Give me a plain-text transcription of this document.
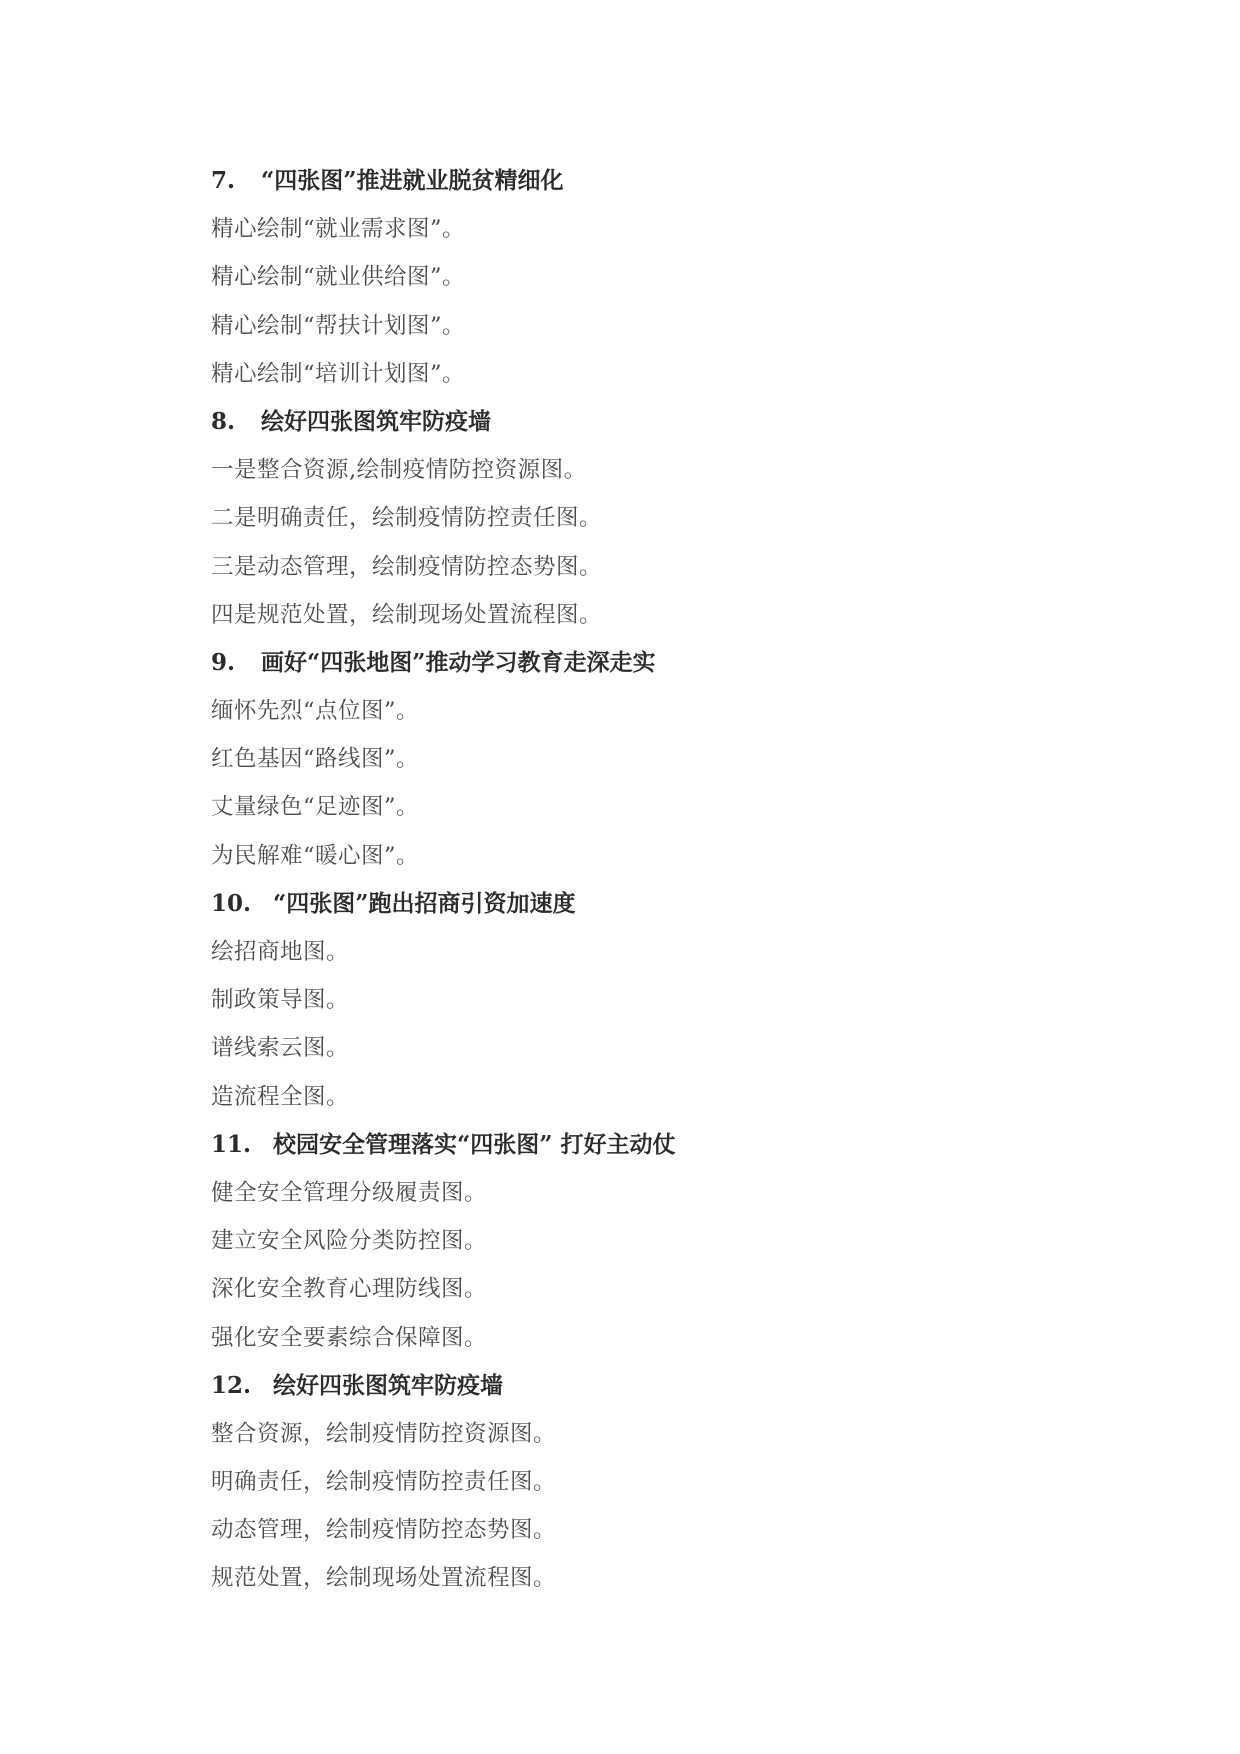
7. “四张图”推进就业脱贫精细化
精心绘制“就业需求图”。
精心绘制“就业供给图”。
精心绘制“帮扶计划图”。
精心绘制“培训计划图”。
8. 绘好四张图筑牢防疫墙
一是整合资源,绘制疫情防控资源图。
二是明确责任，绘制疫情防控责任图。
三是动态管理，绘制疫情防控态势图。
四是规范处置，绘制现场处置流程图。
9. 画好“四张地图”推动学习教育走深走实
缅怀先烈“点位图”。
红色基因“路线图”。
丈量绿色“足迹图”。
为民解难“暖心图”。
10. “四张图”跑出招商引资加速度
绘招商地图。
制政策导图。
谱线索云图。
造流程全图。
11. 校园安全管理落实“四张图” 打好主动仗
健全安全管理分级履责图。
建立安全风险分类防控图。
深化安全教育心理防线图。
强化安全要素综合保障图。
12. 绘好四张图筑牢防疫墙
整合资源，绘制疫情防控资源图。
明确责任，绘制疫情防控责任图。
动态管理，绘制疫情防控态势图。
规范处置，绘制现场处置流程图。
